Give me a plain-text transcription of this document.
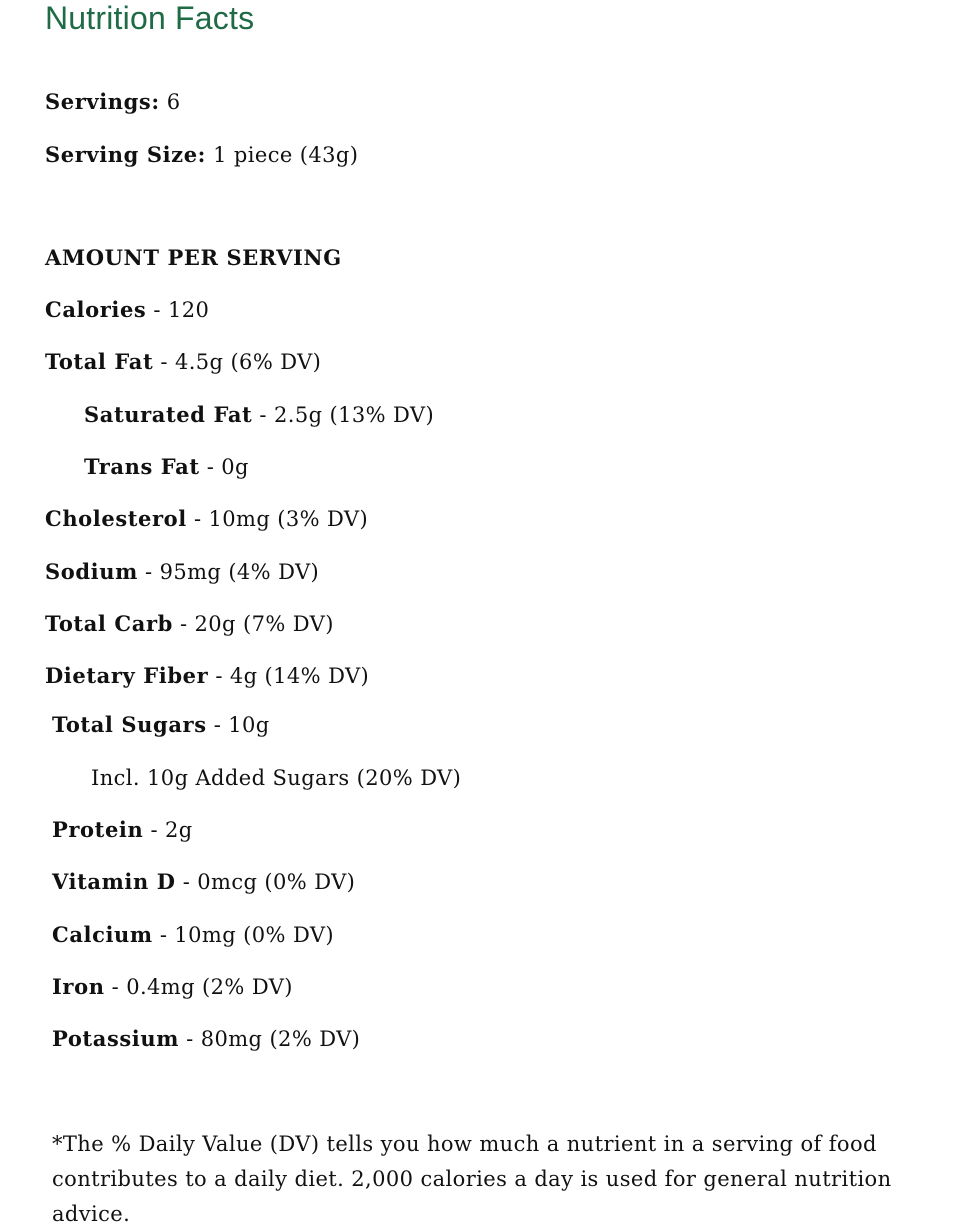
Nutrition Facts
Servings: 6
Serving Size: 1 piece (43g)
AMOUNT PER SERVING
Calories - 120
Total Fat - 4.5g (6% DV)
Saturated Fat - 2.5g (13% DV)
Trans Fat - 0g
Cholesterol - 10mg (3% DV)
Sodium - 95mg (4% DV)
Total Carb - 20g (7% DV)
Dietary Fiber - 4g (14% DV)
Total Sugars - 10g
Incl. 10g Added Sugars (20% DV)
Protein - 2g
Vitamin D - 0mcg (0% DV)
Calcium - 10mg (0% DV)
Iron - 0.4mg (2% DV)
Potassium - 80mg (2% DV)

*The % Daily Value (DV) tells you how much a nutrient in a serving of food contributes to a daily diet. 2,000 calories a day is used for general nutrition advice.
